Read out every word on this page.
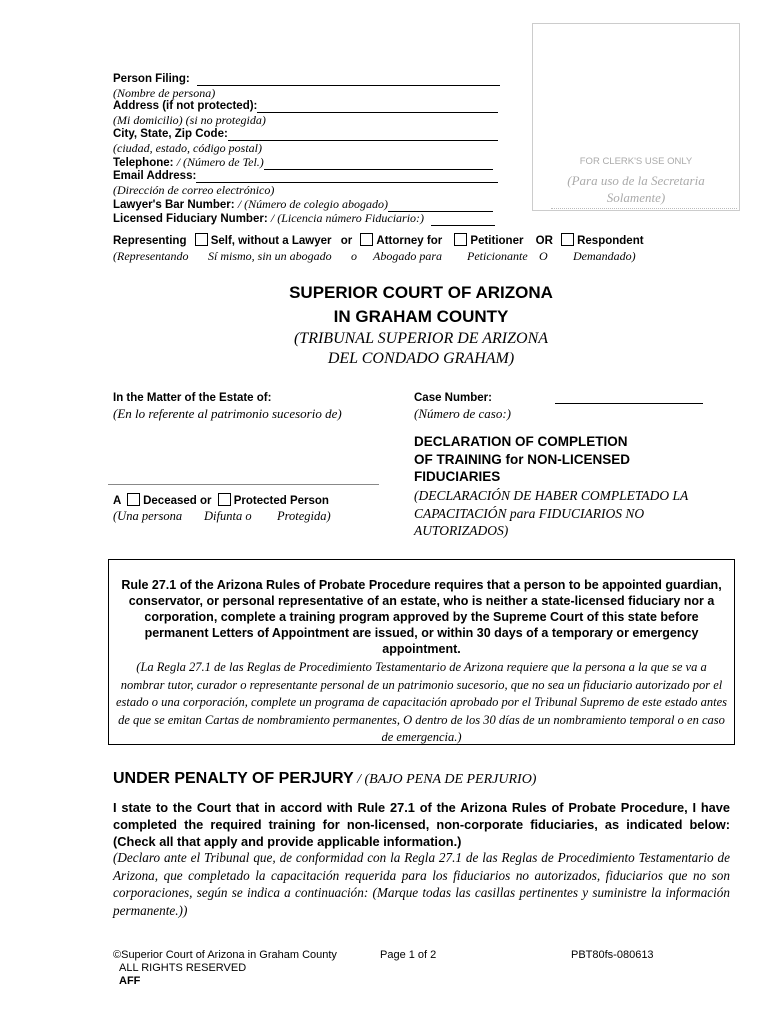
FOR CLERK'S USE ONLY
(Para uso de la Secretaria
Solamente)
Person Filing:
(Nombre de persona)
Address (if not protected):
(Mi domicilio) (si no protegida)
City, State, Zip Code:
(ciudad, estado, código postal)
Telephone: / (Número de Tel.)
Email Address:
(Dirección de correo electrónico)
Lawyer's Bar Number: / (Número de colegio abogado)
Licensed Fiduciary Number: / (Licencia número Fiduciario:)
Representing Self, without a Lawyer or Attorney for Petitioner OR Respondent
(Representando Sí mismo, sin un abogado o Abogado para Peticionante O Demandado)
SUPERIOR COURT OF ARIZONA
IN GRAHAM COUNTY
(TRIBUNAL SUPERIOR DE ARIZONA
DEL CONDADO GRAHAM)
In the Matter of the Estate of:
(En lo referente al patrimonio sucesorio de)
A Deceased or Protected Person
(Una persona Difunta o Protegida)
Case Number:
(Número de caso:)
DECLARATION OF COMPLETION
OF TRAINING for NON-LICENSED
FIDUCIARIES
(DECLARACIÓN DE HABER COMPLETADO LA
CAPACITACIÓN para FIDUCIARIOS NO
AUTORIZADOS)
Rule 27.1 of the Arizona Rules of Probate Procedure requires that a person to be appointed guardian, conservator, or personal representative of an estate, who is neither a state-licensed fiduciary nor a corporation, complete a training program approved by the Supreme Court of this state before permanent Letters of Appointment are issued, or within 30 days of a temporary or emergency appointment.
(La Regla 27.1 de las Reglas de Procedimiento Testamentario de Arizona requiere que la persona a la que se va a nombrar tutor, curador o representante personal de un patrimonio sucesorio, que no sea un fiduciario autorizado por el estado o una corporación, complete un programa de capacitación aprobado por el Tribunal Supremo de este estado antes de que se emitan Cartas de nombramiento permanentes, O dentro de los 30 días de un nombramiento temporal o en caso de emergencia.)
UNDER PENALTY OF PERJURY / (BAJO PENA DE PERJURIO)
I state to the Court that in accord with Rule 27.1 of the Arizona Rules of Probate Procedure, I have completed the required training for non-licensed, non-corporate fiduciaries, as indicated below: (Check all that apply and provide applicable information.)
(Declaro ante el Tribunal que, de conformidad con la Regla 27.1 de las Reglas de Procedimiento Testamentario de Arizona, que completado la capacitación requerida para los fiduciarios no autorizados, fiduciarios que no son corporaciones, según se indica a continuación: (Marque todas las casillas pertinentes y suministre la información permanente.))
©Superior Court of Arizona in Graham County
ALL RIGHTS RESERVED
AFF
Page 1 of 2	PBT80fs-080613
